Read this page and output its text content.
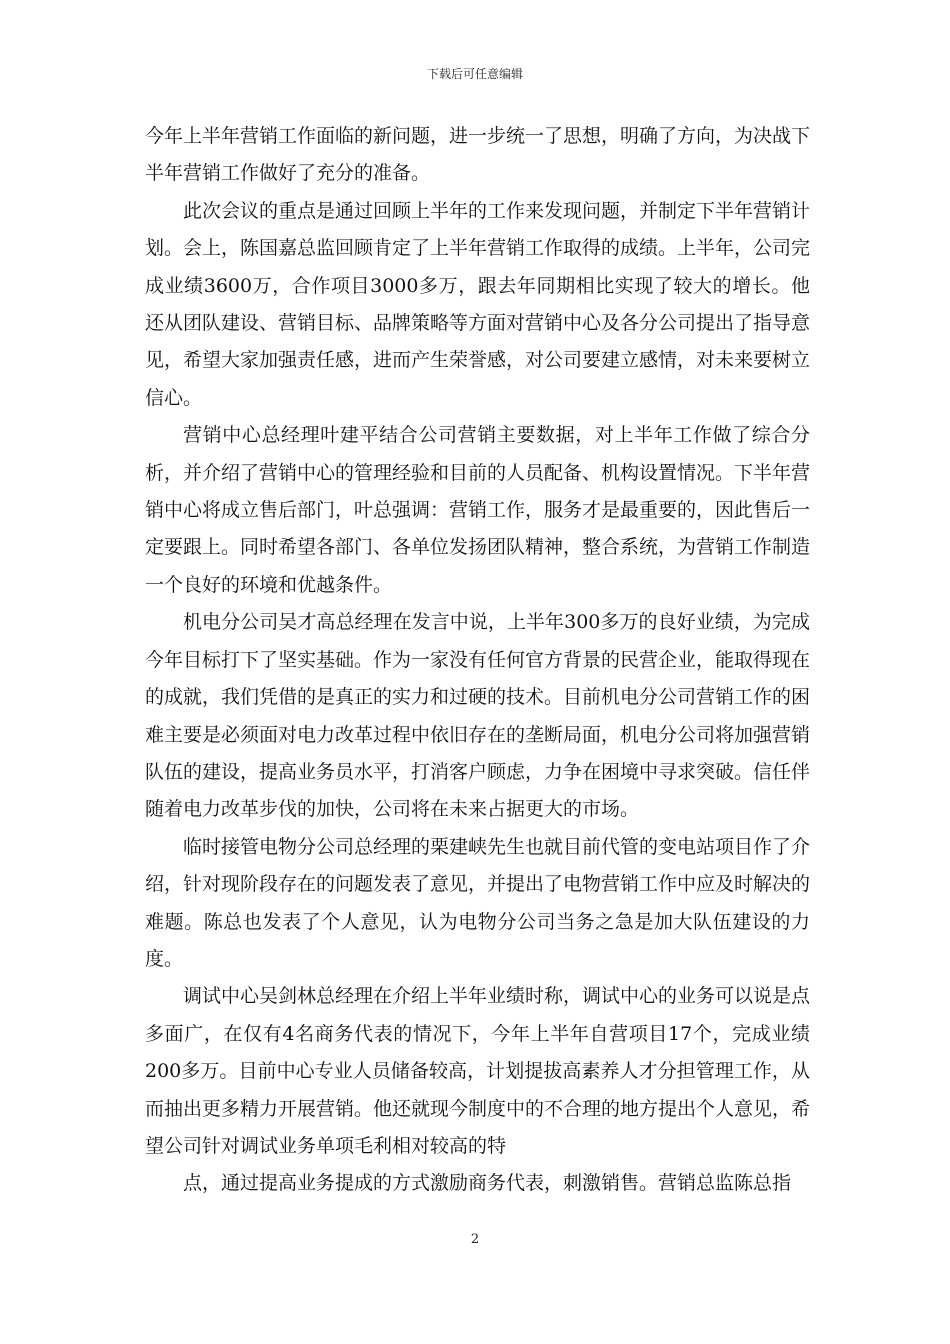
下载后可任意编辑

今年上半年营销工作面临的新问题，进一步统一了思想，明确了方向，为决战下半年营销工作做好了充分的准备。

此次会议的重点是通过回顾上半年的工作来发现问题，并制定下半年营销计划。会上，陈国嘉总监回顾肯定了上半年营销工作取得的成绩。上半年，公司完成业绩3600万，合作项目3000多万，跟去年同期相比实现了较大的增长。他还从团队建设、营销目标、品牌策略等方面对营销中心及各分公司提出了指导意见，希望大家加强责任感，进而产生荣誉感，对公司要建立感情，对未来要树立信心。

营销中心总经理叶建平结合公司营销主要数据，对上半年工作做了综合分析，并介绍了营销中心的管理经验和目前的人员配备、机构设置情况。下半年营销中心将成立售后部门，叶总强调：营销工作，服务才是最重要的，因此售后一定要跟上。同时希望各部门、各单位发扬团队精神，整合系统，为营销工作制造一个良好的环境和优越条件。

机电分公司吴才高总经理在发言中说，上半年300多万的良好业绩，为完成今年目标打下了坚实基础。作为一家没有任何官方背景的民营企业，能取得现在的成就，我们凭借的是真正的实力和过硬的技术。目前机电分公司营销工作的困难主要是必须面对电力改革过程中依旧存在的垄断局面，机电分公司将加强营销队伍的建设，提高业务员水平，打消客户顾虑，力争在困境中寻求突破。信任伴随着电力改革步伐的加快，公司将在未来占据更大的市场。

临时接管电物分公司总经理的栗建峡先生也就目前代管的变电站项目作了介绍，针对现阶段存在的问题发表了意见，并提出了电物营销工作中应及时解决的难题。陈总也发表了个人意见，认为电物分公司当务之急是加大队伍建设的力度。

调试中心吴剑林总经理在介绍上半年业绩时称，调试中心的业务可以说是点多面广，在仅有4名商务代表的情况下，今年上半年自营项目17个，完成业绩200多万。目前中心专业人员储备较高，计划提拔高素养人才分担管理工作，从而抽出更多精力开展营销。他还就现今制度中的不合理的地方提出个人意见，希望公司针对调试业务单项毛利相对较高的特

点，通过提高业务提成的方式激励商务代表，刺激销售。营销总监陈总指

2
